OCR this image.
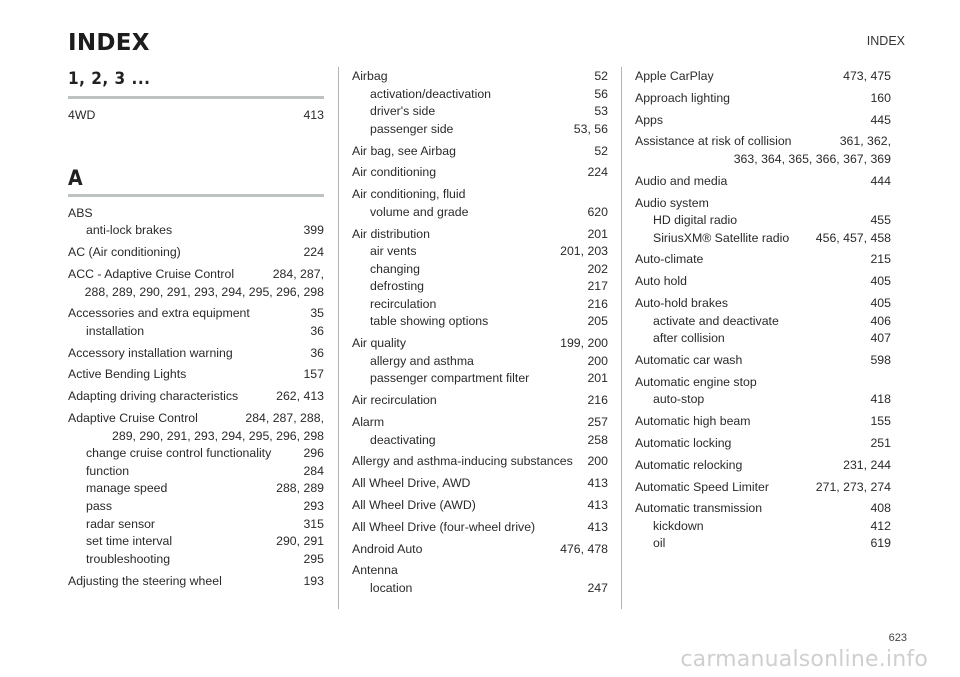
INDEX	INDEX
1, 2, 3 ...
4WD	413
A
ABS
anti-lock brakes	399
AC (Air conditioning)	224
ACC - Adaptive Cruise Control	284, 287,
288, 289, 290, 291, 293, 294, 295, 296, 298
Accessories and extra equipment	35
installation	36
Accessory installation warning	36
Active Bending Lights	157
Adapting driving characteristics	262, 413
Adaptive Cruise Control	284, 287, 288,
289, 290, 291, 293, 294, 295, 296, 298
change cruise control functionality	296
function	284
manage speed	288, 289
pass	293
radar sensor	315
set time interval	290, 291
troubleshooting	295
Adjusting the steering wheel	193
Airbag	52
activation/deactivation	56
driver's side	53
passenger side	53, 56
Air bag, see Airbag	52
Air conditioning	224
Air conditioning, fluid
volume and grade	620
Air distribution	201
air vents	201, 203
changing	202
defrosting	217
recirculation	216
table showing options	205
Air quality	199, 200
allergy and asthma	200
passenger compartment filter	201
Air recirculation	216
Alarm	257
deactivating	258
Allergy and asthma-inducing substances	200
All Wheel Drive, AWD	413
All Wheel Drive (AWD)	413
All Wheel Drive (four-wheel drive)	413
Android Auto	476, 478
Antenna
location	247
Apple CarPlay	473, 475
Approach lighting	160
Apps	445
Assistance at risk of collision	361, 362,
363, 364, 365, 366, 367, 369
Audio and media	444
Audio system
HD digital radio	455
SiriusXM® Satellite radio	456, 457, 458
Auto-climate	215
Auto hold	405
Auto-hold brakes	405
activate and deactivate	406
after collision	407
Automatic car wash	598
Automatic engine stop
auto-stop	418
Automatic high beam	155
Automatic locking	251
Automatic relocking	231, 244
Automatic Speed Limiter	271, 273, 274
Automatic transmission	408
kickdown	412
oil	619
623
carmanualsonline.info
